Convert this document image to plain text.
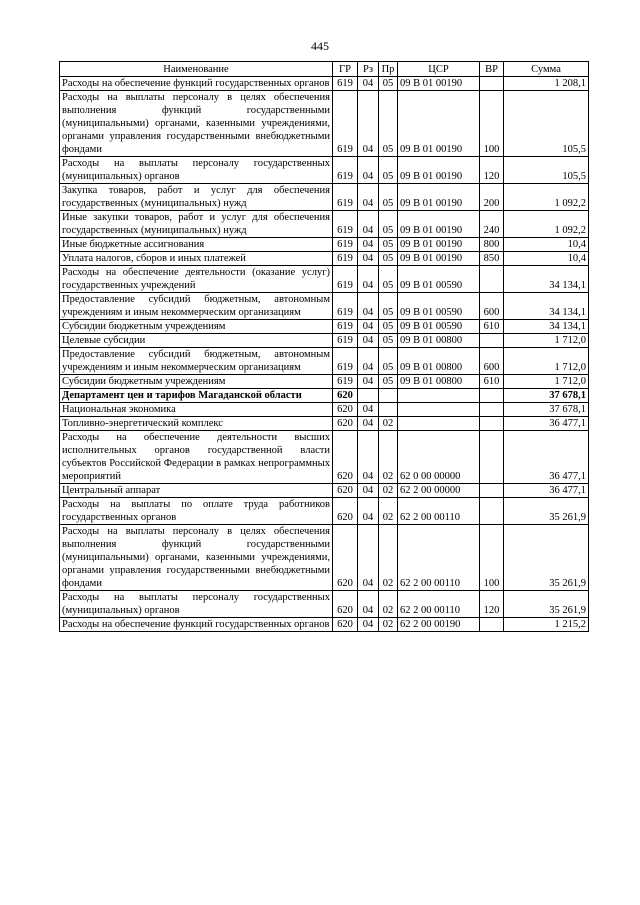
445
Наименование	ГР	Рз	Пр	ЦСР	ВР	Сумма
Расходы на обеспечение функций государственных органов	619	04	05	09 В 01 00190		1 208,1
Расходы на выплаты персоналу в целях обеспечения выполнения функций государственными (муниципальными) органами, казенными учреждениями, органами управления государственными внебюджетными фондами	619	04	05	09 В 01 00190	100	105,5
Расходы на выплаты персоналу государственных (муниципальных) органов	619	04	05	09 В 01 00190	120	105,5
Закупка товаров, работ и услуг для обеспечения государственных (муниципальных) нужд	619	04	05	09 В 01 00190	200	1 092,2
Иные закупки товаров, работ и услуг для обеспечения государственных (муниципальных) нужд	619	04	05	09 В 01 00190	240	1 092,2
Иные бюджетные ассигнования	619	04	05	09 В 01 00190	800	10,4
Уплата налогов, сборов и иных платежей	619	04	05	09 В 01 00190	850	10,4
Расходы на обеспечение деятельности (оказание услуг) государственных учреждений	619	04	05	09 В 01 00590		34 134,1
Предоставление субсидий бюджетным, автономным учреждениям и иным некоммерческим организациям	619	04	05	09 В 01 00590	600	34 134,1
Субсидии бюджетным учреждениям	619	04	05	09 В 01 00590	610	34 134,1
Целевые субсидии	619	04	05	09 В 01 00800		1 712,0
Предоставление субсидий бюджетным, автономным учреждениям и иным некоммерческим организациям	619	04	05	09 В 01 00800	600	1 712,0
Субсидии бюджетным учреждениям	619	04	05	09 В 01 00800	610	1 712,0
Департамент цен и тарифов Магаданской области	620					37 678,1
Национальная экономика	620	04				37 678,1
Топливно-энергетический комплекс	620	04	02			36 477,1
Расходы на обеспечение деятельности высших исполнительных органов государственной власти субъектов Российской Федерации в рамках непрограммных мероприятий	620	04	02	62 0 00 00000		36 477,1
Центральный аппарат	620	04	02	62 2 00 00000		36 477,1
Расходы на выплаты по оплате труда работников государственных органов	620	04	02	62 2 00 00110		35 261,9
Расходы на выплаты персоналу в целях обеспечения выполнения функций государственными (муниципальными) органами, казенными учреждениями, органами управления государственными внебюджетными фондами	620	04	02	62 2 00 00110	100	35 261,9
Расходы на выплаты персоналу государственных (муниципальных) органов	620	04	02	62 2 00 00110	120	35 261,9
Расходы на обеспечение функций государственных органов	620	04	02	62 2 00 00190		1 215,2
